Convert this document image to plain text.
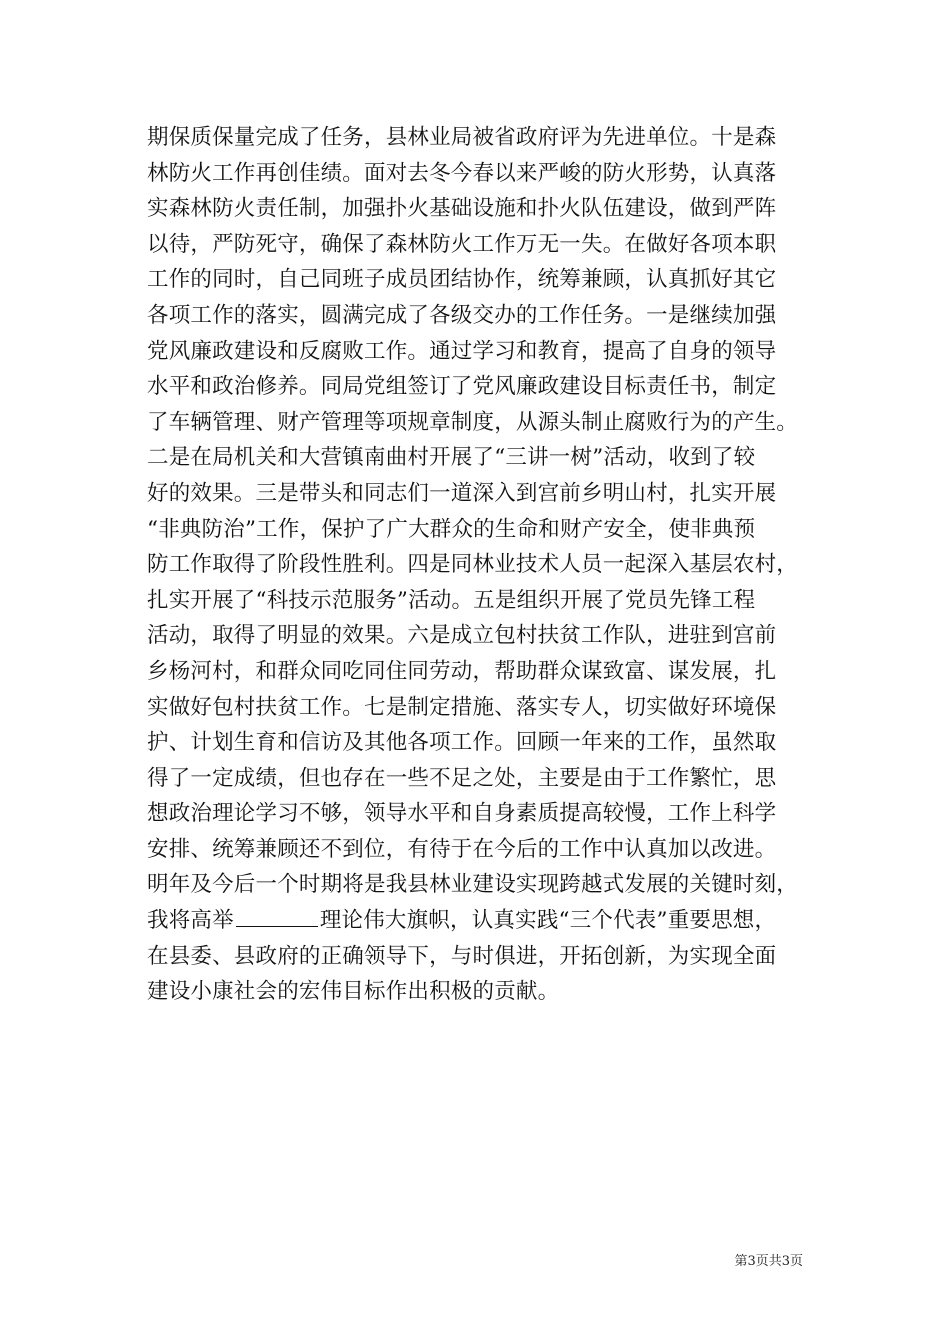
期保质保量完成了任务，县林业局被省政府评为先进单位。十是森
林防火工作再创佳绩。面对去冬今春以来严峻的防火形势，认真落
实森林防火责任制，加强扑火基础设施和扑火队伍建设，做到严阵
以待，严防死守，确保了森林防火工作万无一失。在做好各项本职
工作的同时，自己同班子成员团结协作，统筹兼顾，认真抓好其它
各项工作的落实，圆满完成了各级交办的工作任务。一是继续加强
党风廉政建设和反腐败工作。通过学习和教育，提高了自身的领导
水平和政治修养。同局党组签订了党风廉政建设目标责任书，制定
了车辆管理、财产管理等项规章制度，从源头制止腐败行为的产生。
二是在局机关和大营镇南曲村开展了“三讲一树”活动，收到了较
好的效果。三是带头和同志们一道深入到宫前乡明山村，扎实开展
“非典防治”工作，保护了广大群众的生命和财产安全，使非典预
防工作取得了阶段性胜利。四是同林业技术人员一起深入基层农村，
扎实开展了“科技示范服务”活动。五是组织开展了党员先锋工程
活动，取得了明显的效果。六是成立包村扶贫工作队，进驻到宫前
乡杨河村，和群众同吃同住同劳动，帮助群众谋致富、谋发展，扎
实做好包村扶贫工作。七是制定措施、落实专人，切实做好环境保
护、计划生育和信访及其他各项工作。回顾一年来的工作，虽然取
得了一定成绩，但也存在一些不足之处，主要是由于工作繁忙，思
想政治理论学习不够，领导水平和自身素质提高较慢，工作上科学
安排、统筹兼顾还不到位，有待于在今后的工作中认真加以改进。
明年及今后一个时期将是我县林业建设实现跨越式发展的关键时刻，
我将高举	理论伟大旗帜，认真实践“三个代表”重要思想，
在县委、县政府的正确领导下，与时俱进，开拓创新，为实现全面
建设小康社会的宏伟目标作出积极的贡献。
第3页共3页
